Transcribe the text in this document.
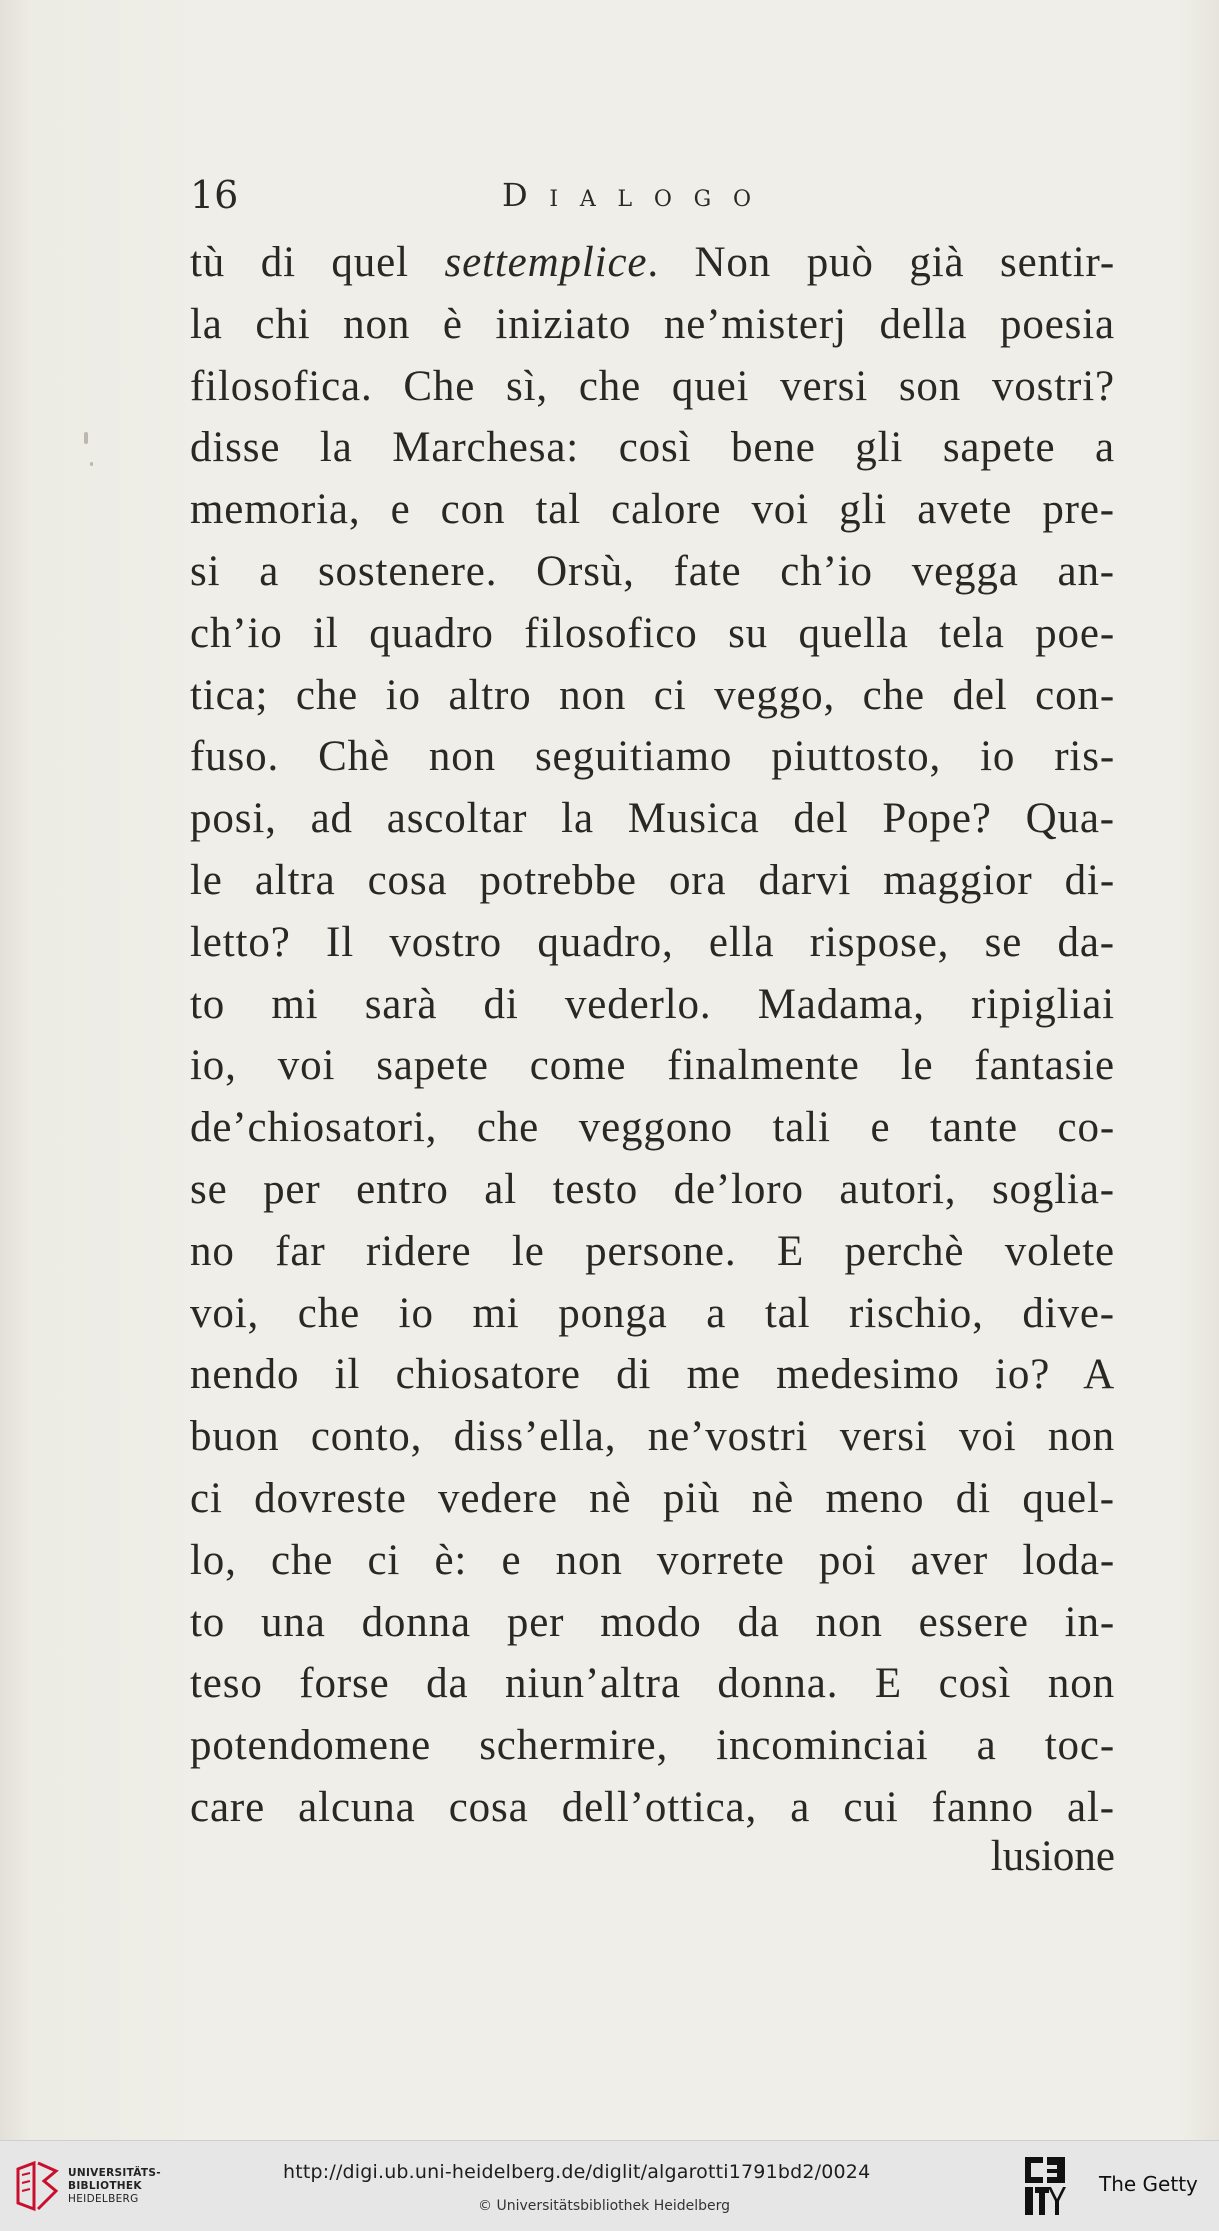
16	Dialogo
tù di quel settemplice. Non può già sentir-
la chi non è iniziato ne’misterj della poesia
filosofica. Che sì, che quei versi son vostri?
disse la Marchesa: così bene gli sapete a
memoria, e con tal calore voi gli avete pre-
si a sostenere. Orsù, fate ch’io vegga an-
ch’io il quadro filosofico su quella tela poe-
tica; che io altro non ci veggo, che del con-
fuso. Chè non seguitiamo piuttosto, io ris-
posi, ad ascoltar la Musica del Pope? Qua-
le altra cosa potrebbe ora darvi maggior di-
letto? Il vostro quadro, ella rispose, se da-
to mi sarà di vederlo. Madama, ripigliai
io, voi sapete come finalmente le fantasie
de’chiosatori, che veggono tali e tante co-
se per entro al testo de’loro autori, soglia-
no far ridere le persone. E perchè volete
voi, che io mi ponga a tal rischio, dive-
nendo il chiosatore di me medesimo io? A
buon conto, diss’ella, ne’vostri versi voi non
ci dovreste vedere nè più nè meno di quel-
lo, che ci è: e non vorrete poi aver loda-
to una donna per modo da non essere in-
teso forse da niun’altra donna. E così non
potendomene schermire, incominciai a toc-
care alcuna cosa dell’ottica, a cui fanno al-
lusione
UNIVERSITÄTS-
BIBLIOTHEK
HEIDELBERG
http://digi.ub.uni-heidelberg.de/diglit/algarotti1791bd2/0024
© Universitätsbibliothek Heidelberg
The Getty
